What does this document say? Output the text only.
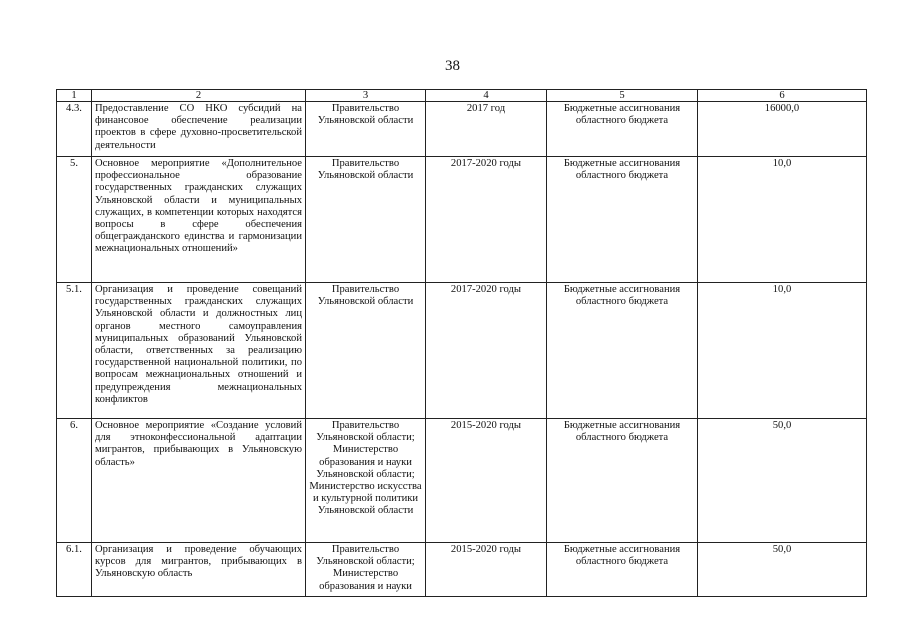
38
1	2	3	4	5	6
4.3.	Предоставление СО НКО субсидий на финансовое обеспечение реализации проектов в сфере духовно-просветительской деятельности	Правительство Ульяновской области	2017 год	Бюджетные ассигнования областного бюджета	16000,0
5.	Основное мероприятие «Дополнительное профессиональное образование государственных гражданских служащих Ульяновской области и муниципальных служащих, в компетенции которых находятся вопросы в сфере обеспечения общегражданского единства и гармонизации межнациональных отношений»	Правительство Ульяновской области	2017-2020 годы	Бюджетные ассигнования областного бюджета	10,0
5.1.	Организация и проведение совещаний государственных гражданских служащих Ульяновской области и должностных лиц органов местного самоуправления муниципальных образований Ульяновской области, ответственных за реализацию государственной национальной политики, по вопросам межнациональных отношений и предупреждения межнациональных конфликтов	Правительство Ульяновской области	2017-2020 годы	Бюджетные ассигнования областного бюджета	10,0
6.	Основное мероприятие «Создание условий для этноконфессиональной адаптации мигрантов, прибывающих в Ульяновскую область»	Правительство Ульяновской области; Министерство образования и науки Ульяновской области; Министерство искусства и культурной политики Ульяновской области	2015-2020 годы	Бюджетные ассигнования областного бюджета	50,0
6.1.	Организация и проведение обучающих курсов для мигрантов, прибывающих в Ульяновскую область	Правительство Ульяновской области; Министерство образования и науки	2015-2020 годы	Бюджетные ассигнования областного бюджета	50,0
